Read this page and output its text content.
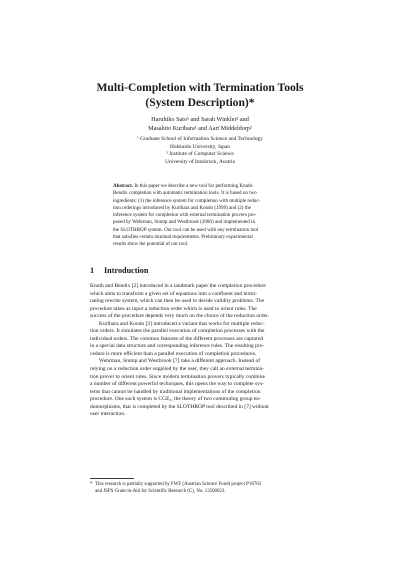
Multi-Completion with Termination Tools
(System Description)*
Haruhiko Sato¹ and Sarah Winkler² and
Masahito Kurihara¹ and Aart Middeldorp²
¹ Graduate School of Information Science and Technology
Hokkaido University, Japan
² Institute of Computer Science
University of Innsbruck, Austria
Abstract. In this paper we describe a new tool for performing Knuth-
Bendix completion with automatic termination tools. It is based on two
ingredients: (1) the inference system for completion with multiple reduc-
tion orderings introduced by Kurihara and Kondo (1999) and (2) the
inference system for completion with external termination provers pro-
posed by Wehrman, Stump and Westbrook (2006) and implemented in
the SLOTHROP system. Our tool can be used with any termination tool
that satisfies certain minimal requirements. Preliminary experimental
results show the potential of our tool.
1 Introduction

Knuth and Bendix [2] introduced in a landmark paper the completion procedure
which aims to transform a given set of equations into a confluent and termi-
nating rewrite system, which can then be used to decide validity problems. The
procedure takes as input a reduction order which is used to orient rules. The
success of the procedure depends very much on the choice of the reduction order.

Kurihara and Kondo [3] introduced a variant that works for multiple reduc-
tion orders. It simulates the parallel execution of completion processes with the
individual orders. The common features of the different processes are captured
in a special data structure and corresponding inference rules. The resulting pro-
cedure is more efficient than a parallel execution of completion procedures.

Wehrman, Stump and Westbrook [7] take a different approach. Instead of
relying on a reduction order supplied by the user, they call an external termina-
tion prover to orient rules. Since modern termination provers typically combine
a number of different powerful techniques, this opens the way to complete sys-
tems that cannot be handled by traditional implementations of the completion
procedure. One such system is CGE₂, the theory of two commuting group en-
domorphisms, that is completed by the SLOTHROP tool described in [7] without
user interaction.

* This research is partially supported by FWF (Austrian Science Fund) project P18763
and JSPS Grant-in-Aid for Scientific Research (C), No. 13500023.
